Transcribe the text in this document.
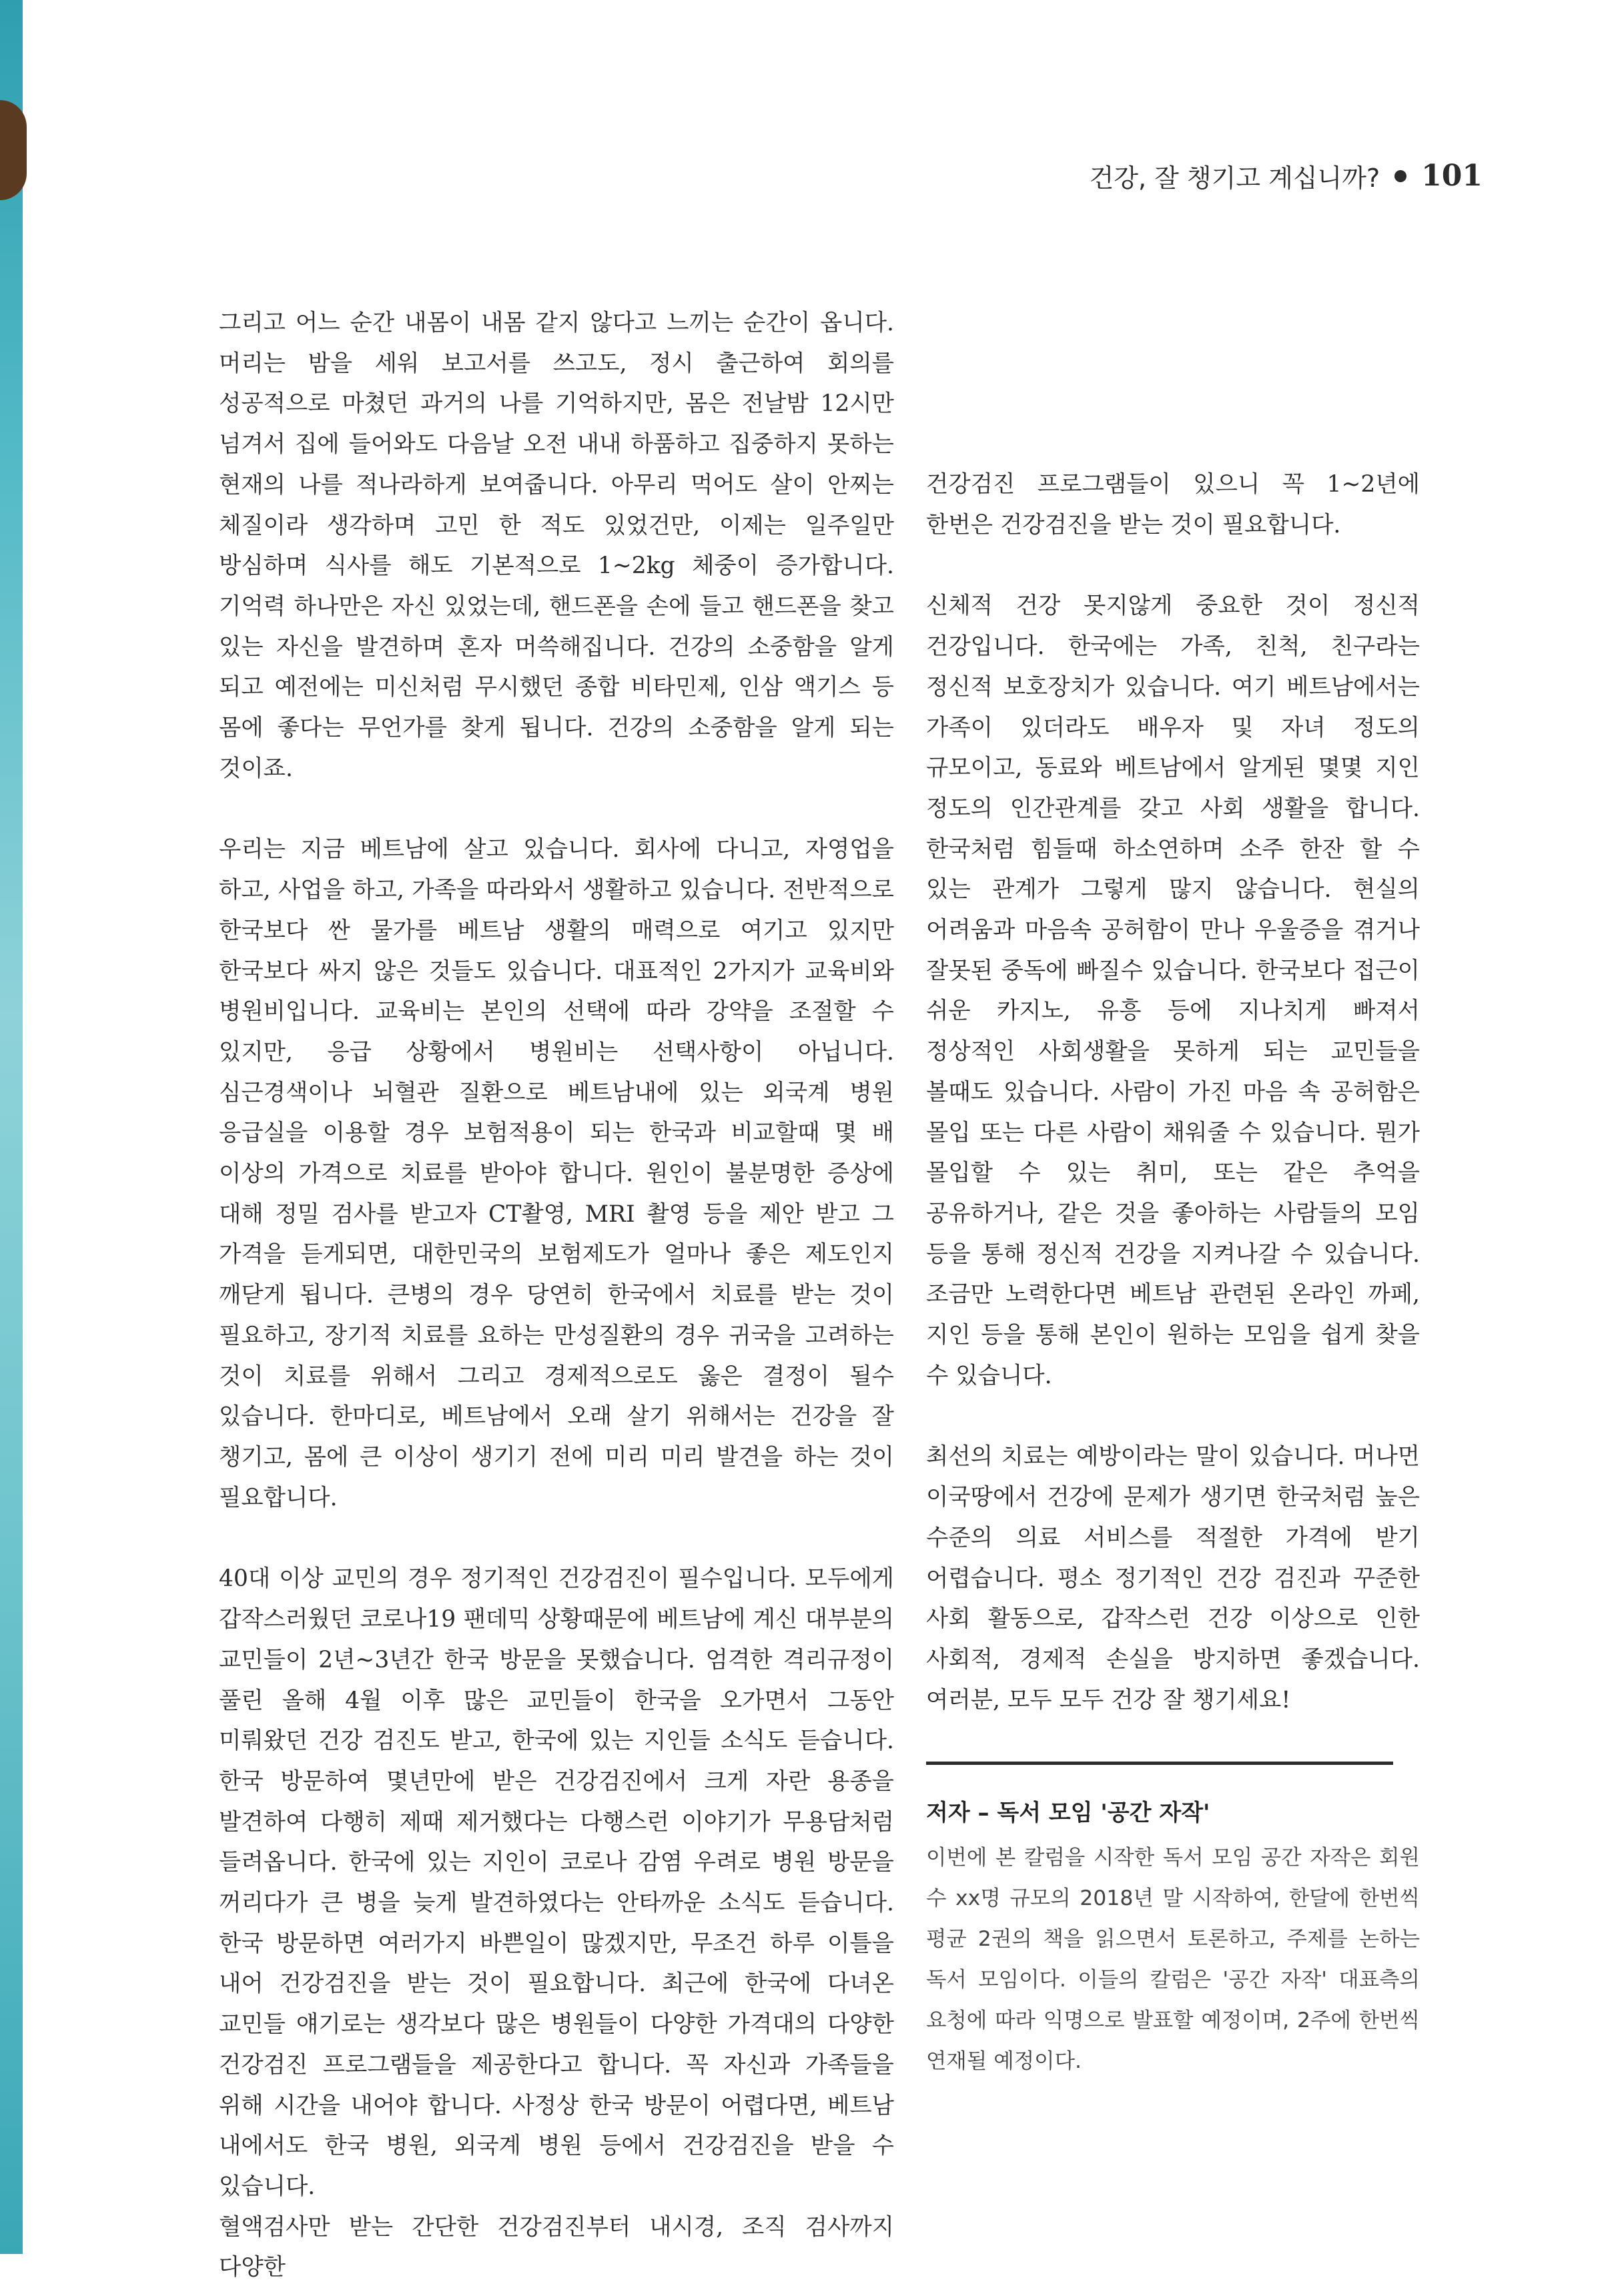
건강, 잘 챙기고 계십니까? 101

그리고 어느 순간 내몸이 내몸 같지 않다고 느끼는 순간이 옵니다. 머리는 밤을 세워 보고서를 쓰고도, 정시 출근하여 회의를 성공적으로 마쳤던 과거의 나를 기억하지만, 몸은 전날밤 12시만 넘겨서 집에 들어와도 다음날 오전 내내 하품하고 집중하지 못하는 현재의 나를 적나라하게 보여줍니다. 아무리 먹어도 살이 안찌는 체질이라 생각하며 고민 한 적도 있었건만, 이제는 일주일만 방심하며 식사를 해도 기본적으로 1~2kg 체중이 증가합니다. 기억력 하나만은 자신 있었는데, 핸드폰을 손에 들고 핸드폰을 찾고 있는 자신을 발견하며 혼자 머쓱해집니다. 건강의 소중함을 알게 되고 예전에는 미신처럼 무시했던 종합 비타민제, 인삼 액기스 등 몸에 좋다는 무언가를 찾게 됩니다. 건강의 소중함을 알게 되는 것이죠.

우리는 지금 베트남에 살고 있습니다. 회사에 다니고, 자영업을 하고, 사업을 하고, 가족을 따라와서 생활하고 있습니다. 전반적으로 한국보다 싼 물가를 베트남 생활의 매력으로 여기고 있지만 한국보다 싸지 않은 것들도 있습니다. 대표적인 2가지가 교육비와 병원비입니다. 교육비는 본인의 선택에 따라 강약을 조절할 수 있지만, 응급 상황에서 병원비는 선택사항이 아닙니다. 심근경색이나 뇌혈관 질환으로 베트남내에 있는 외국계 병원 응급실을 이용할 경우 보험적용이 되는 한국과 비교할때 몇 배 이상의 가격으로 치료를 받아야 합니다. 원인이 불분명한 증상에 대해 정밀 검사를 받고자 CT촬영, MRI 촬영 등을 제안 받고 그 가격을 듣게되면, 대한민국의 보험제도가 얼마나 좋은 제도인지 깨닫게 됩니다. 큰병의 경우 당연히 한국에서 치료를 받는 것이 필요하고, 장기적 치료를 요하는 만성질환의 경우 귀국을 고려하는 것이 치료를 위해서 그리고 경제적으로도 옳은 결정이 될수 있습니다. 한마디로, 베트남에서 오래 살기 위해서는 건강을 잘 챙기고, 몸에 큰 이상이 생기기 전에 미리 미리 발견을 하는 것이 필요합니다.

40대 이상 교민의 경우 정기적인 건강검진이 필수입니다. 모두에게 갑작스러웠던 코로나19 팬데믹 상황때문에 베트남에 계신 대부분의 교민들이 2년~3년간 한국 방문을 못했습니다. 엄격한 격리규정이 풀린 올해 4월 이후 많은 교민들이 한국을 오가면서 그동안 미뤄왔던 건강 검진도 받고, 한국에 있는 지인들 소식도 듣습니다. 한국 방문하여 몇년만에 받은 건강검진에서 크게 자란 용종을 발견하여 다행히 제때 제거했다는 다행스런 이야기가 무용담처럼 들려옵니다. 한국에 있는 지인이 코로나 감염 우려로 병원 방문을 꺼리다가 큰 병을 늦게 발견하였다는 안타까운 소식도 듣습니다. 한국 방문하면 여러가지 바쁜일이 많겠지만, 무조건 하루 이틀을 내어 건강검진을 받는 것이 필요합니다. 최근에 한국에 다녀온 교민들 얘기로는 생각보다 많은 병원들이 다양한 가격대의 다양한 건강검진 프로그램들을 제공한다고 합니다. 꼭 자신과 가족들을 위해 시간을 내어야 합니다. 사정상 한국 방문이 어렵다면, 베트남 내에서도 한국 병원, 외국계 병원 등에서 건강검진을 받을 수 있습니다.

혈액검사만 받는 간단한 건강검진부터 내시경, 조직 검사까지 다양한

건강검진 프로그램들이 있으니 꼭 1~2년에 한번은 건강검진을 받는 것이 필요합니다.

신체적 건강 못지않게 중요한 것이 정신적 건강입니다. 한국에는 가족, 친척, 친구라는 정신적 보호장치가 있습니다. 여기 베트남에서는 가족이 있더라도 배우자 및 자녀 정도의 규모이고, 동료와 베트남에서 알게된 몇몇 지인 정도의 인간관계를 갖고 사회 생활을 합니다. 한국처럼 힘들때 하소연하며 소주 한잔 할 수 있는 관계가 그렇게 많지 않습니다. 현실의 어려움과 마음속 공허함이 만나 우울증을 겪거나 잘못된 중독에 빠질수 있습니다. 한국보다 접근이 쉬운 카지노, 유흥 등에 지나치게 빠져서 정상적인 사회생활을 못하게 되는 교민들을 볼때도 있습니다. 사람이 가진 마음 속 공허함은 몰입 또는 다른 사람이 채워줄 수 있습니다. 뭔가 몰입할 수 있는 취미, 또는 같은 추억을 공유하거나, 같은 것을 좋아하는 사람들의 모임 등을 통해 정신적 건강을 지켜나갈 수 있습니다. 조금만 노력한다면 베트남 관련된 온라인 까페, 지인 등을 통해 본인이 원하는 모임을 쉽게 찾을 수 있습니다.

최선의 치료는 예방이라는 말이 있습니다. 머나먼 이국땅에서 건강에 문제가 생기면 한국처럼 높은 수준의 의료 서비스를 적절한 가격에 받기 어렵습니다. 평소 정기적인 건강 검진과 꾸준한 사회 활동으로, 갑작스런 건강 이상으로 인한 사회적, 경제적 손실을 방지하면 좋겠습니다. 여러분, 모두 모두 건강 잘 챙기세요!

저자 – 독서 모임 '공간 자작'
이번에 본 칼럼을 시작한 독서 모임 공간 자작은 회원 수 xx명 규모의 2018년 말 시작하여, 한달에 한번씩 평균 2권의 책을 읽으면서 토론하고, 주제를 논하는 독서 모임이다. 이들의 칼럼은 '공간 자작' 대표측의 요청에 따라 익명으로 발표할 예정이며, 2주에 한번씩 연재될 예정이다.
